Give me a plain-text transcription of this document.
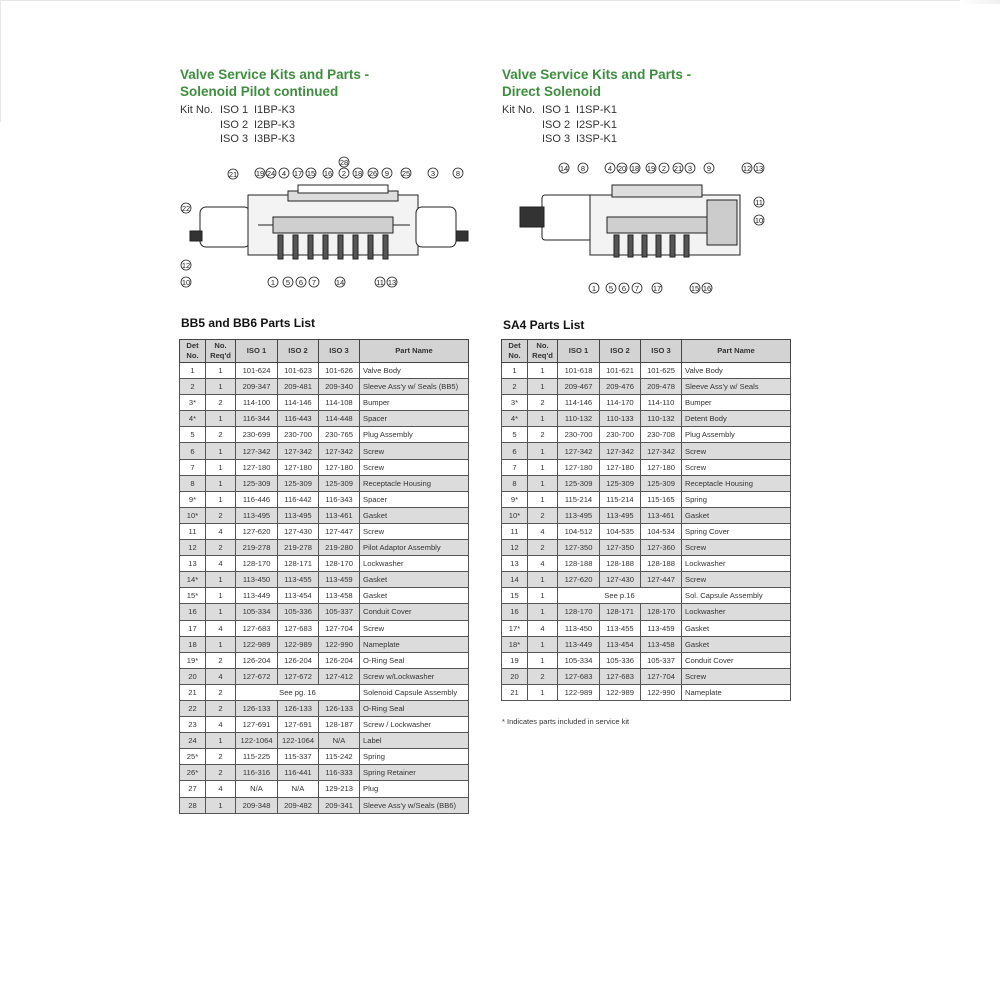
Valve Service Kits and Parts -
Solenoid Pilot continued
Kit No. ISO 1 I1BP-K3
ISO 2 I2BP-K3
ISO 3 I3BP-K3
Valve Service Kits and Parts -
Direct Solenoid
Kit No. ISO 1 I1SP-K1
ISO 2 I2SP-K1
ISO 3 I3SP-K1
28
21 19 24 4 17 15 16 2 18 26 9 25	3	8
22
12
10	1 5 6 7	14	11 13
14 8	4 20 18 19 2 21 3 9	12 13
11
10
1 5 6 7 17	15 16
BB5 and BB6 Parts List	SA4 Parts List
Det No.	No. Req'd	ISO 1	ISO 2	ISO 3	Part Name
1	1	101-624	101-623	101-626	Valve Body
2	1	209-347	209-481	209-340	Sleeve Ass'y w/ Seals (BB5)
3*	2	114-100	114-146	114-108	Bumper
4*	1	116-344	116-443	114-448	Spacer
5	2	230-699	230-700	230-765	Plug Assembly
6	1	127-342	127-342	127-342	Screw
7	1	127-180	127-180	127-180	Screw
8	1	125-309	125-309	125-309	Receptacle Housing
9*	1	116-446	116-442	116-343	Spacer
10*	2	113-495	113-495	113-461	Gasket
11	4	127-620	127-430	127-447	Screw
12	2	219-278	219-278	219-280	Pilot Adaptor Assembly
13	4	128-170	128-171	128-170	Lockwasher
14*	1	113-450	113-455	113-459	Gasket
15*	1	113-449	113-454	113-458	Gasket
16	1	105-334	105-336	105-337	Conduit Cover
17	4	127-683	127-683	127-704	Screw
18	1	122-989	122-989	122-990	Nameplate
19*	2	126-204	126-204	126-204	O-Ring Seal
20	4	127-672	127-672	127-412	Screw w/Lockwasher
21	2	See pg. 16			Solenoid Capsule Assembly
22	2	126-133	126-133	126-133	O-Ring Seal
23	4	127-691	127-691	128-187	Screw / Lockwasher
24	1	122-1064	122-1064	N/A	Label
25*	2	115-225	115-337	115-242	Spring
26*	2	116-316	116-441	116-333	Spring Retainer
27	4	N/A	N/A	129-213	Plug
28	1	209-348	209-482	209-341	Sleeve Ass'y w/Seals (BB6)
Det No.	No. Req'd	ISO 1	ISO 2	ISO 3	Part Name
1	1	101-618	101-621	101-625	Valve Body
2	1	209-467	209-476	209-478	Sleeve Ass'y w/ Seals
3*	2	114-146	114-170	114-110	Bumper
4*	1	110-132	110-133	110-132	Detent Body
5	2	230-700	230-700	230-708	Plug Assembly
6	1	127-342	127-342	127-342	Screw
7	1	127-180	127-180	127-180	Screw
8	1	125-309	125-309	125-309	Receptacle Housing
9*	1	115-214	115-214	115-165	Spring
10*	2	113-495	113-495	113-461	Gasket
11	4	104-512	104-535	104-534	Spring Cover
12	2	127-350	127-350	127-360	Screw
13	4	128-188	128-188	128-188	Lockwasher
14	1	127-620	127-430	127-447	Screw
15	1	See p.16			Sol. Capsule Assembly
16	1	128-170	128-171	128-170	Lockwasher
17*	4	113-450	113-455	113-459	Gasket
18*	1	113-449	113-454	113-458	Gasket
19	1	105-334	105-336	105-337	Conduit Cover
20	2	127-683	127-683	127-704	Screw
21	1	122-989	122-989	122-990	Nameplate
* Indicates parts included in service kit
